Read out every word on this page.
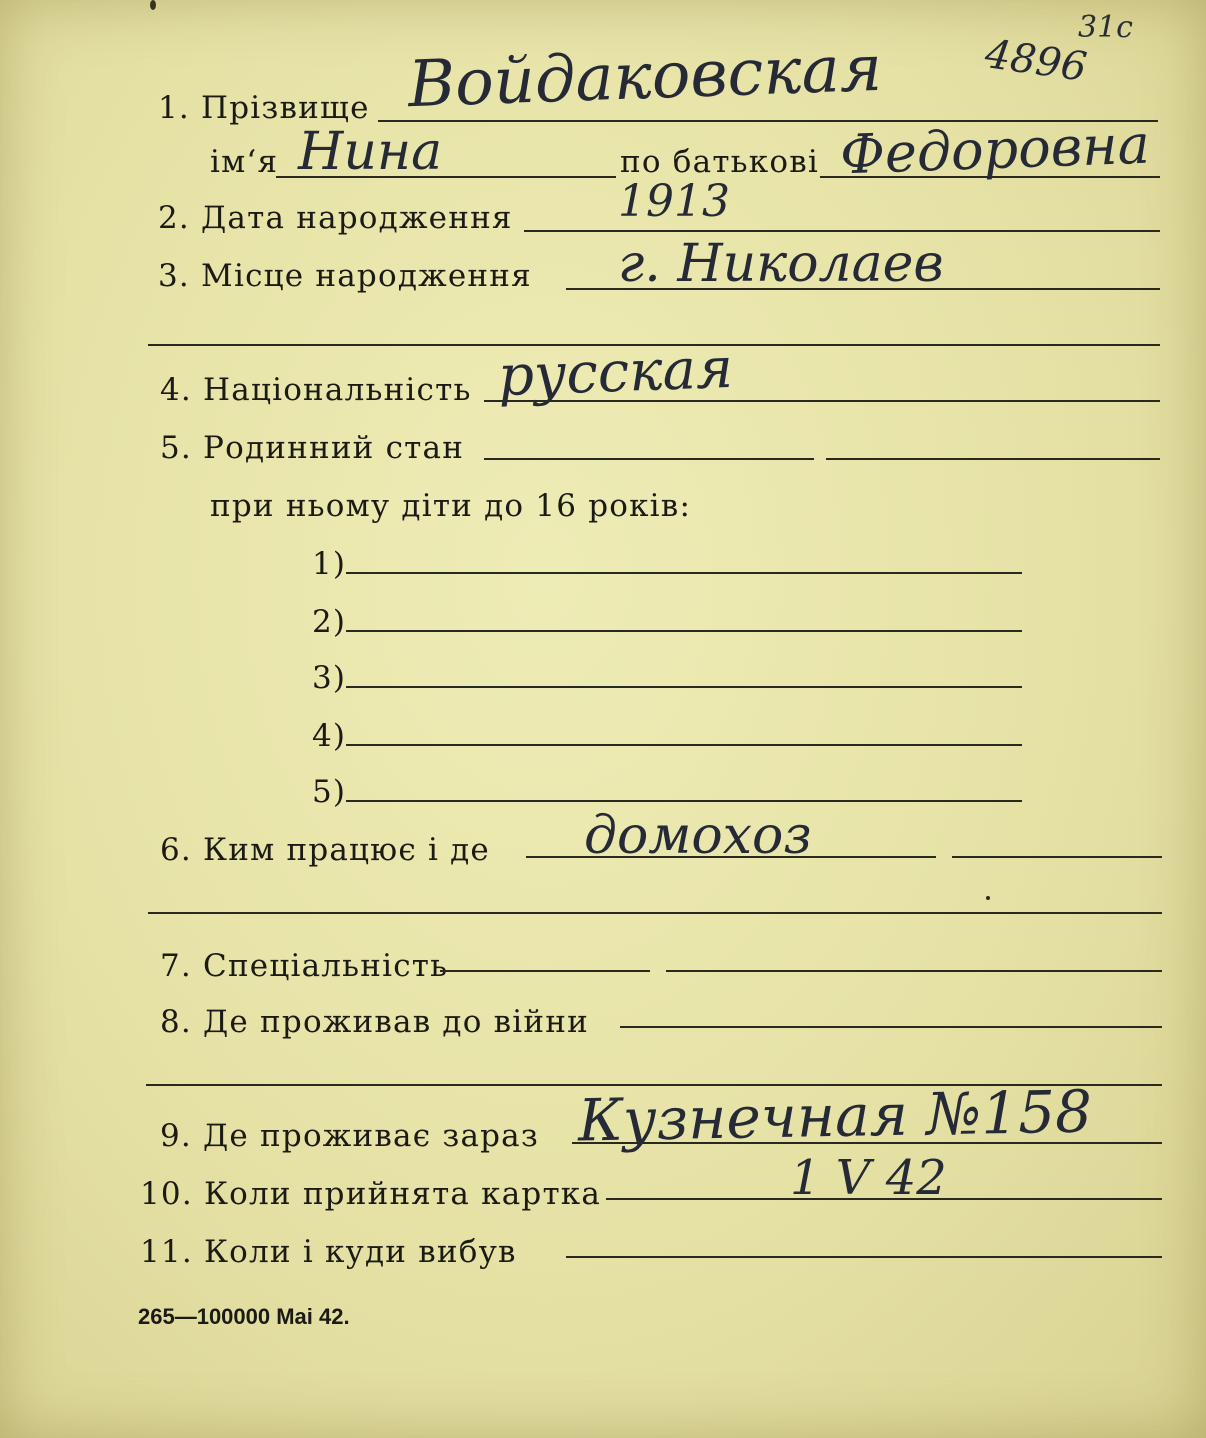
1. Прізвище
ім‘я	по батькові
2. Дата народження
3. Місце народження
4. Національність
5. Родинний стан
при ньому діти до 16 років:
1)
2)
3)
4)
5)
6. Ким працює і де
7. Спеціальність
8. Де проживав до війни
9. Де проживає зараз
10. Коли прийнята картка
11. Коли і куди вибув
265—100000 Mai 42.
Войдаковская 4896
31c
Нина	Федоровна
1913
г. Николаев
русская
домохоз
Кузнечная №158
1 V 42
